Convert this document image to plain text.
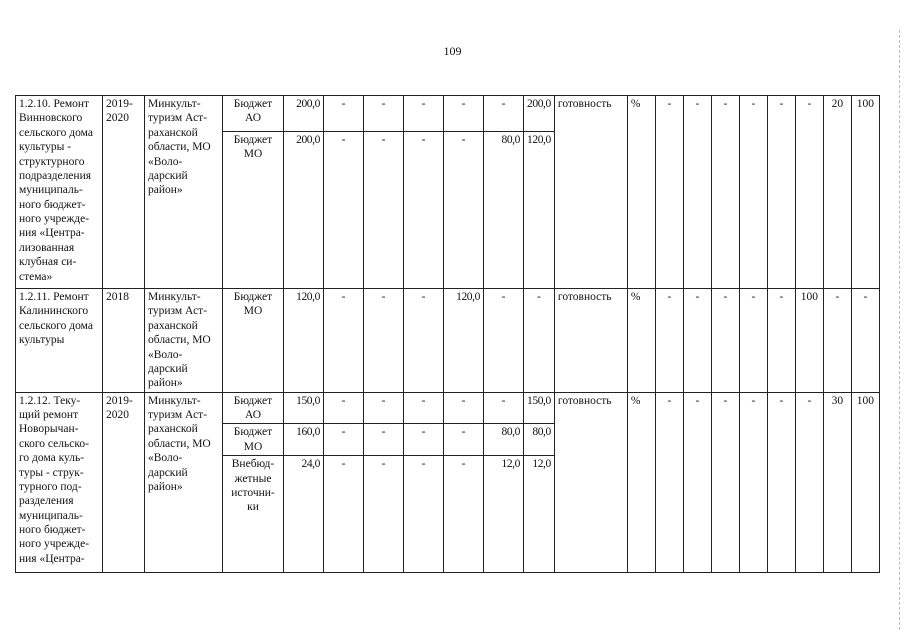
109
1.2.10. Ремонт Винновского сельского дома культуры - структурного подразделения муниципаль-ного бюджет-ного учрежде-ния «Центра-лизованная клубная си-стема»	2019-2020	Минкульт-туризм Аст-раханской области, МО «Воло-дарский район»	Бюджет АО	200,0	-	-	-	-	-	200,0	готовность	%	-	-	-	-	-	-	20	100
			Бюджет МО	200,0	-	-	-	-	80,0	120,0										
1.2.11. Ремонт Калининского сельского дома культуры	2018	Минкульт-туризм Аст-раханской области, МО «Воло-дарский район»	Бюджет МО	120,0	-	-	-	120,0	-	-	готовность	%	-	-	-	-	-	100	-	-
1.2.12. Теку-щий ремонт Новорычан-ского сельско-го дома куль-туры - струк-турного под-разделения муниципаль-ного бюджет-ного учрежде-ния «Центра-	2019-2020	Минкульт-туризм Аст-раханской области, МО «Воло-дарский район»	Бюджет АО	150,0	-	-	-	-	-	150,0	готовность	%	-	-	-	-	-	-	30	100
			Бюджет МО	160,0	-	-	-	-	80,0	80,0										
			Внебюд-жетные источни-ки	24,0	-	-	-	-	12,0	12,0										
